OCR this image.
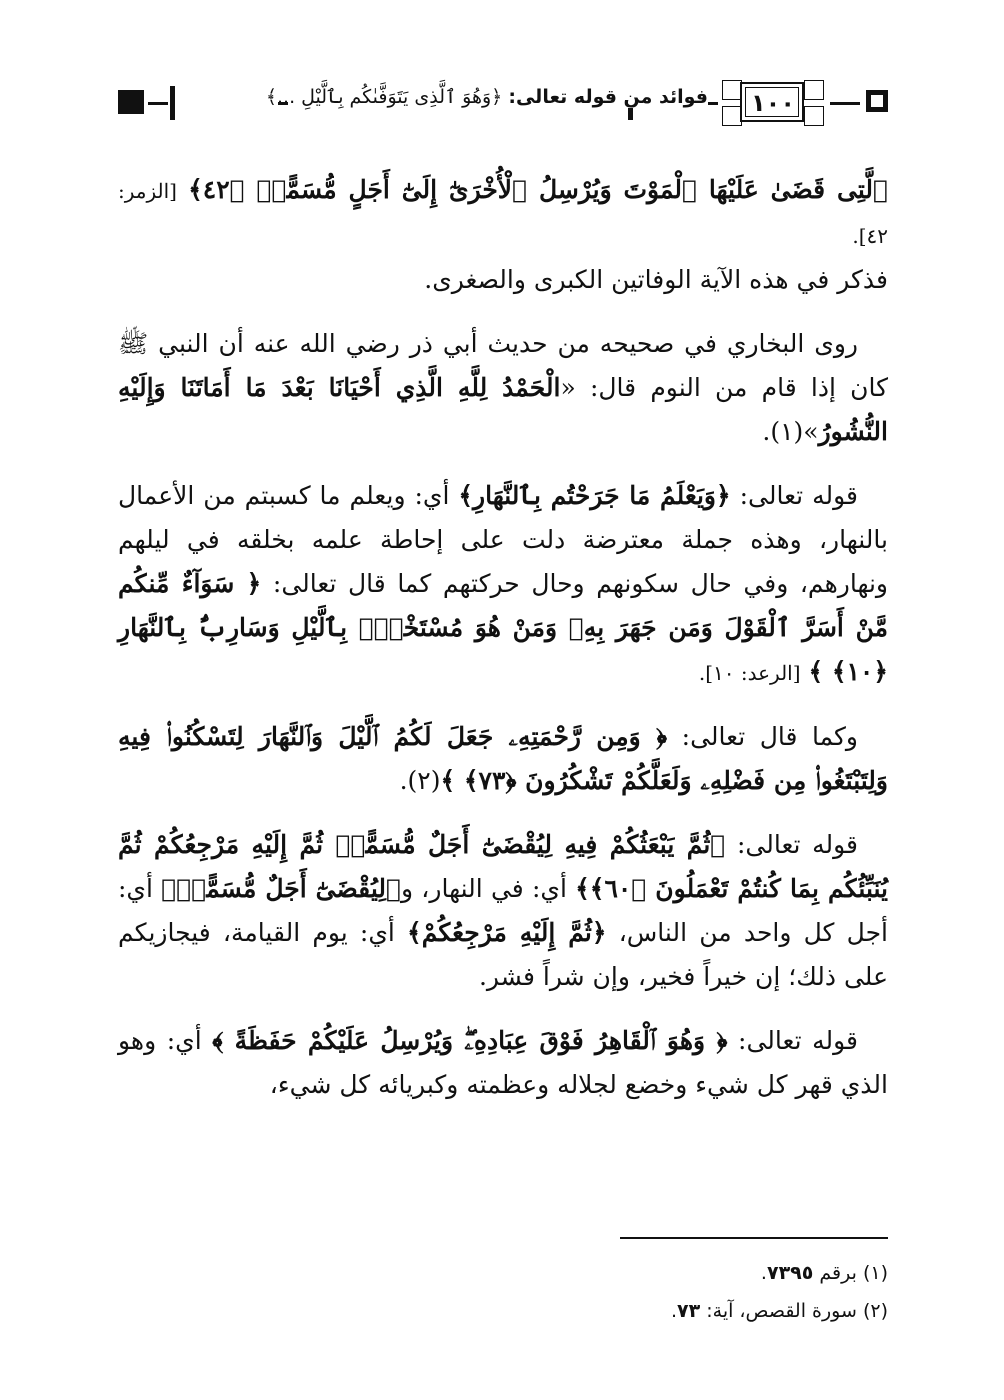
فوائد من قوله تعالى: ﴿وَهُوَ ٱلَّذِى يَتَوَفَّىٰكُم بِٱلَّيْلِ ...﴾	١٠٠

ٱلَّتِى قَضَىٰ عَلَيْهَا ٱلْمَوْتَ وَيُرْسِلُ ٱلْأُخْرَىٰٓ إِلَىٰٓ أَجَلٍ مُّسَمًّىۚ ﴿٤٢﴾ [الزمر: ٤٢].
فذكر في هذه الآية الوفاتين الكبرى والصغرى.

روى البخاري في صحيحه من حديث أبي ذر رضي الله عنه أن النبي ﷺ كان إذا قام من النوم قال: «الْحَمْدُ لِلَّهِ الَّذِي أَحْيَانَا بَعْدَ مَا أَمَاتَنَا وَإِلَيْهِ النُّشُورُ»(١).

قوله تعالى: ﴿وَيَعْلَمُ مَا جَرَحْتُم بِٱلنَّهَارِ﴾ أي: ويعلم ما كسبتم من الأعمال بالنهار، وهذه جملة معترضة دلت على إحاطة علمه بخلقه في ليلهم ونهارهم، وفي حال سكونهم وحال حركتهم كما قال تعالى: ﴿ سَوَآءٌ مِّنكُم مَّنْ أَسَرَّ ٱلْقَوْلَ وَمَن جَهَرَ بِهِۦ وَمَنْ هُوَ مُسْتَخْفٍۭ بِٱلَّيْلِ وَسَارِبٌۢ بِٱلنَّهَارِ ﴿١٠﴾ ﴾ [الرعد: ١٠].

وكما قال تعالى: ﴿ وَمِن رَّحْمَتِهِۦ جَعَلَ لَكُمُ ٱلَّيْلَ وَٱلنَّهَارَ لِتَسْكُنُوا۟ فِيهِ وَلِتَبْتَغُوا۟ مِن فَضْلِهِۦ وَلَعَلَّكُمْ تَشْكُرُونَ ﴿٧٣﴾ ﴾(٢).

قوله تعالى: ﴿ثُمَّ يَبْعَثُكُمْ فِيهِ لِيُقْضَىٰٓ أَجَلٌ مُّسَمًّىۖ ثُمَّ إِلَيْهِ مَرْجِعُكُمْ ثُمَّ يُنَبِّئُكُم بِمَا كُنتُمْ تَعْمَلُونَ ﴿٦٠﴾﴾ أي: في النهار، و﴿لِيُقْضَىٰٓ أَجَلٌ مُّسَمًّىۖ﴾ أي: أجل كل واحد من الناس، ﴿ثُمَّ إِلَيْهِ مَرْجِعُكُمْ﴾ أي: يوم القيامة، فيجازيكم على ذلك؛ إن خيراً فخير، وإن شراً فشر.

قوله تعالى: ﴿ وَهُوَ ٱلْقَاهِرُ فَوْقَ عِبَادِهِۦۖ وَيُرْسِلُ عَلَيْكُمْ حَفَظَةً ﴾ أي: وهو الذي قهر كل شيء وخضع لجلاله وعظمته وكبريائه كل شيء،

(١) برقم ٧٣٩٥.
(٢) سورة القصص، آية: ٧٣.
